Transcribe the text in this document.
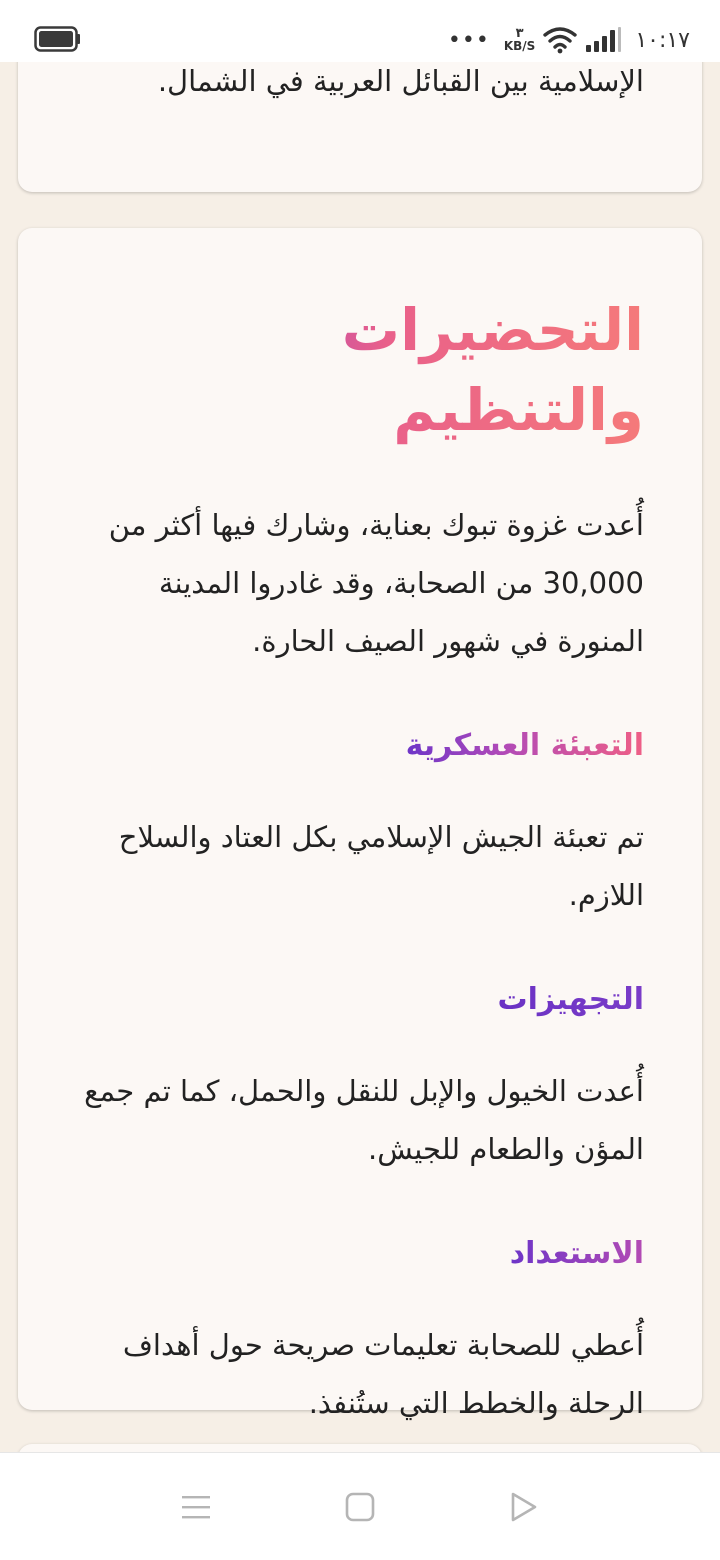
••• ٣
KB/S	١٠:١٧
الإسلامية بين القبائل العربية في الشمال.
التحضيرات والتنظيم
أُعدت غزوة تبوك بعناية، وشارك فيها أكثر من 30,000 من الصحابة، وقد غادروا المدينة المنورة في شهور الصيف الحارة.
التعبئة العسكرية
تم تعبئة الجيش الإسلامي بكل العتاد والسلاح اللازم.
التجهيزات
أُعدت الخيول والإبل للنقل والحمل، كما تم جمع المؤن والطعام للجيش.
الاستعداد
أُعطي للصحابة تعليمات صريحة حول أهداف الرحلة والخطط التي ستُنفذ.
